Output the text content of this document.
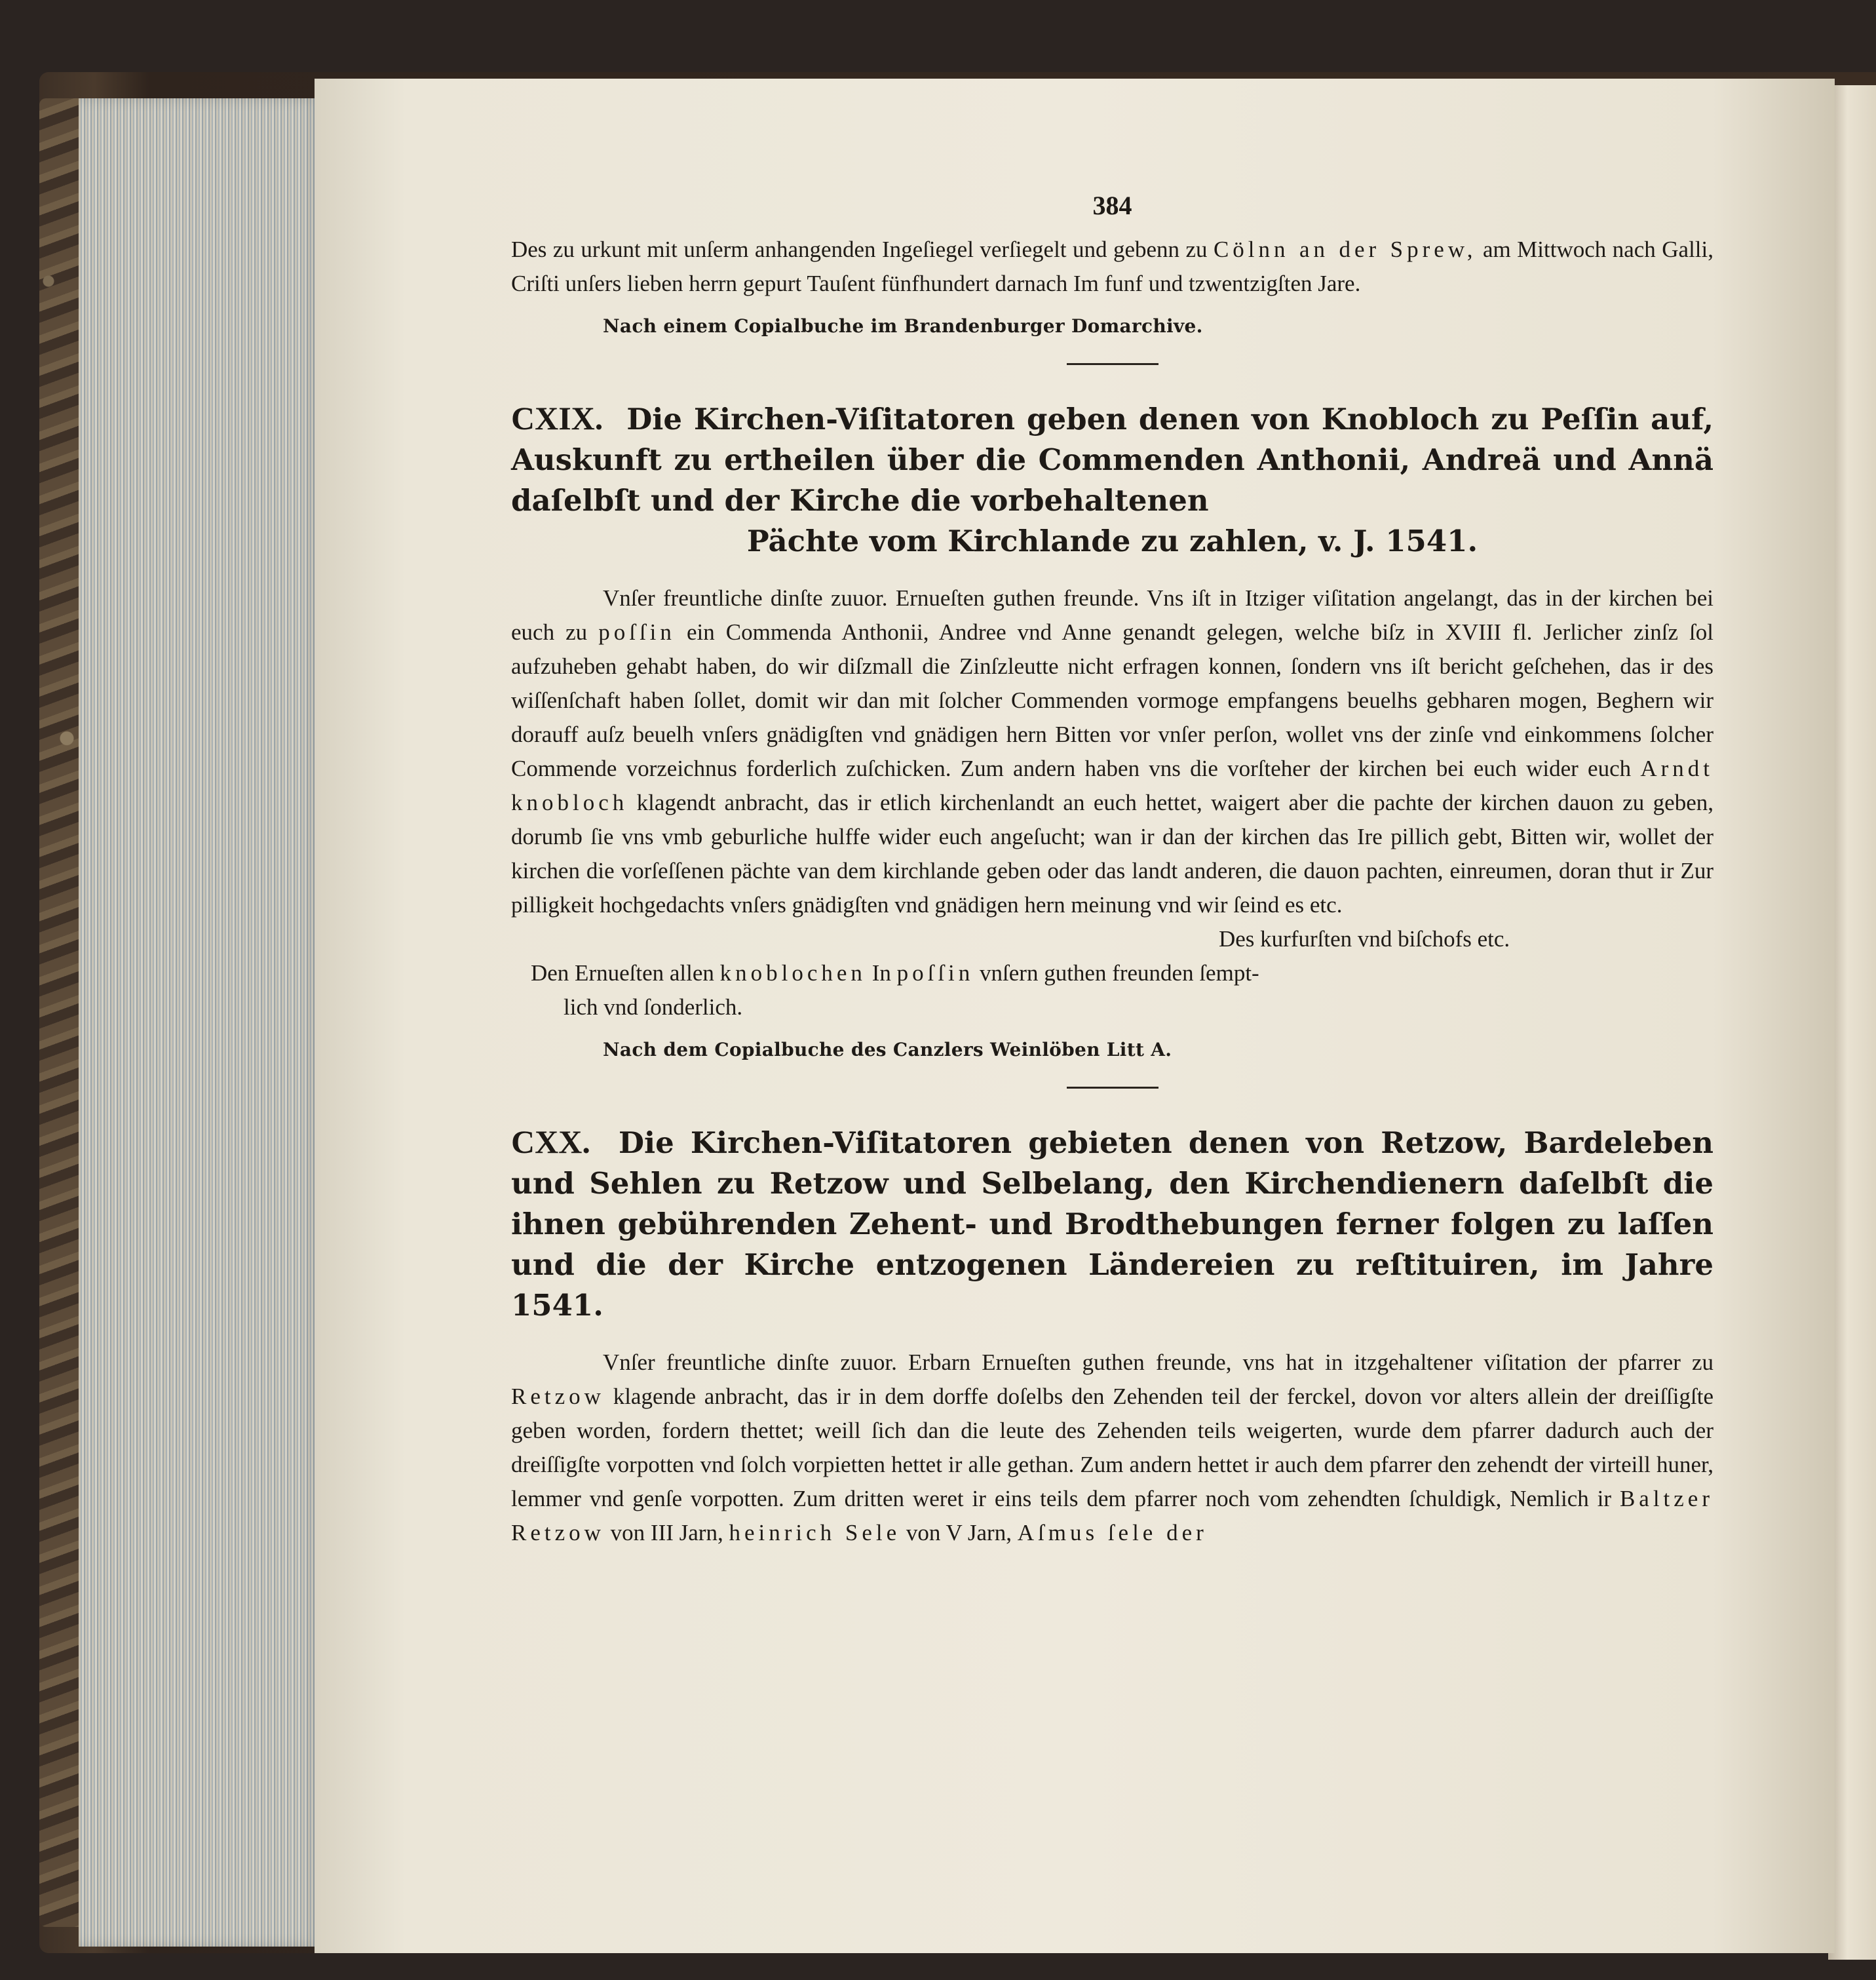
384

Des zu urkunt mit unſerm anhangenden Ingeſiegel verſiegelt und gebenn zu Cölnn an der Sprew, am Mittwoch nach Galli, Criſti unſers lieben herrn gepurt Tauſent fünfhundert darnach Im funf und tzwentzigſten Jare.

Nach einem Copialbuche im Brandenburger Domarchive.
CXIX. Die Kirchen-Viſitatoren geben denen von Knobloch zu Peſſin auf, Auskunft zu ertheilen über die Commenden Anthonii, Andreä und Annä daſelbſt und der Kirche die vorbehaltenen
Pächte vom Kirchlande zu zahlen, v. J. 1541.

Vnſer freuntliche dinſte zuuor. Ernueſten guthen freunde. Vns iſt in Itziger viſitation angelangt, das in der kirchen bei euch zu poſſin ein Commenda Anthonii, Andree vnd Anne genandt gelegen, welche biſz in XVIII fl. Jerlicher zinſz ſol aufzuheben gehabt haben, do wir diſzmall die Zinſzleutte nicht erfragen konnen, ſondern vns iſt bericht geſchehen, das ir des wiſſenſchaft haben ſollet, domit wir dan mit ſolcher Commenden vormoge empfangens beuelhs gebharen mogen, Beghern wir dorauff auſz beuelh vnſers gnädigſten vnd gnädigen hern Bitten vor vnſer perſon, wollet vns der zinſe vnd einkommens ſolcher Commende vorzeichnus forderlich zuſchicken. Zum andern haben vns die vorſteher der kirchen bei euch wider euch Arndt knobloch klagendt anbracht, das ir etlich kirchenlandt an euch hettet, waigert aber die pachte der kirchen dauon zu geben, dorumb ſie vns vmb geburliche hulffe wider euch angeſucht; wan ir dan der kirchen das Ire pillich gebt, Bitten wir, wollet der kirchen die vorſeſſenen pächte van dem kirchlande geben oder das landt anderen, die dauon pachten, einreumen, doran thut ir Zur pilligkeit hochgedachts vnſers gnädigſten vnd gnädigen hern meinung vnd wir ſeind es etc.

Des kurfurſten vnd biſchofs etc.

Den Ernueſten allen knoblochen In poſſin vnſern guthen freunden ſempt-

lich vnd ſonderlich.

Nach dem Copialbuche des Canzlers Weinlöben Litt A.
CXX. Die Kirchen-Viſitatoren gebieten denen von Retzow, Bardeleben und Sehlen zu Retzow und Selbelang, den Kirchendienern daſelbſt die ihnen gebührenden Zehent- und Brodthebungen ferner folgen zu laſſen und die der Kirche entzogenen Ländereien zu reſtituiren, im Jahre 1541.

Vnſer freuntliche dinſte zuuor. Erbarn Ernueſten guthen freunde, vns hat in itzgehaltener viſitation der pfarrer zu Retzow klagende anbracht, das ir in dem dorffe doſelbs den Zehenden teil der ferckel, dovon vor alters allein der dreiſſigſte geben worden, fordern thettet; weill ſich dan die leute des Zehenden teils weigerten, wurde dem pfarrer dadurch auch der dreiſſigſte vorpotten vnd ſolch vorpietten hettet ir alle gethan. Zum andern hettet ir auch dem pfarrer den zehendt der virteill huner, lemmer vnd genſe vorpotten. Zum dritten weret ir eins teils dem pfarrer noch vom zehendten ſchuldigk, Nemlich ir Baltzer Retzow von III Jarn, heinrich Sele von V Jarn, Aſmus ſele der
